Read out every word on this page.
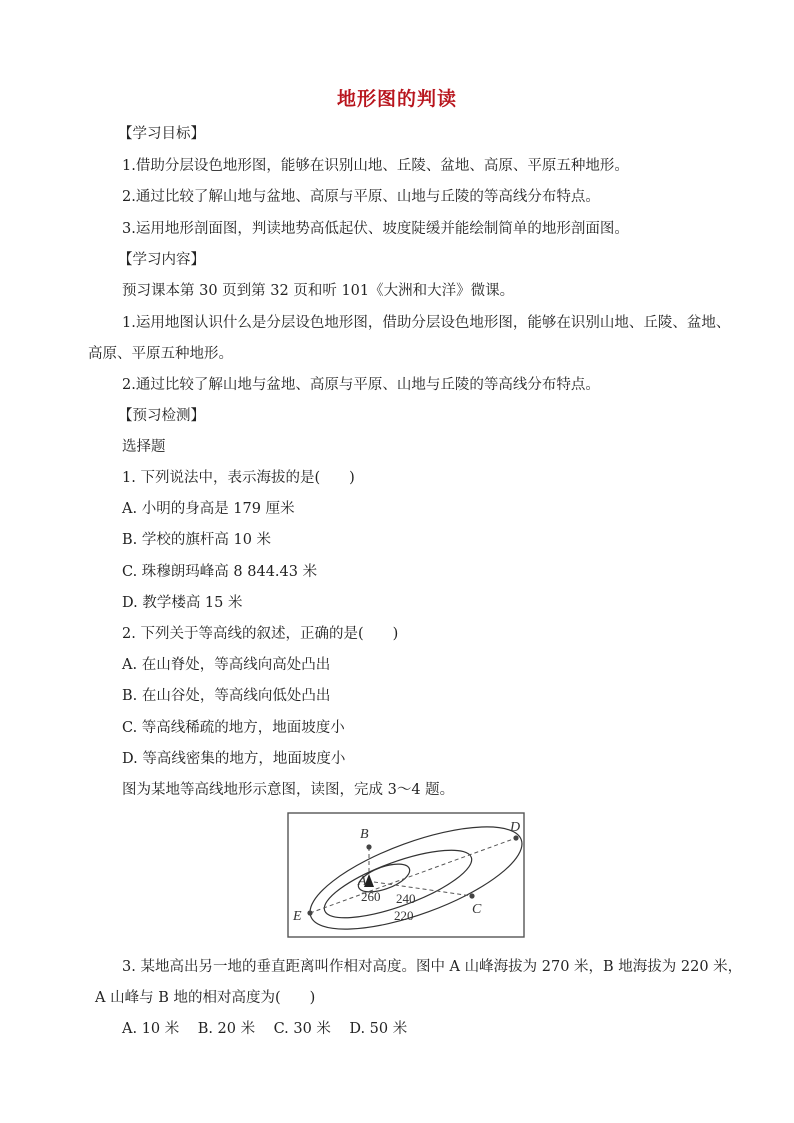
地形图的判读
【学习目标】
1.借助分层设色地形图，能够在识别山地、丘陵、盆地、高原、平原五种地形。
2.通过比较了解山地与盆地、高原与平原、山地与丘陵的等高线分布特点。
3.运用地形剖面图，判读地势高低起伏、坡度陡缓并能绘制简单的地形剖面图。
【学习内容】
预习课本第 30 页到第 32 页和听 101《大洲和大洋》微课。
1.运用地图认识什么是分层设色地形图，借助分层设色地形图，能够在识别山地、丘陵、盆地、
高原、平原五种地形。
2.通过比较了解山地与盆地、高原与平原、山地与丘陵的等高线分布特点。
【预习检测】
选择题
1. 下列说法中，表示海拔的是(　　)
A. 小明的身高是 179 厘米
B. 学校的旗杆高 10 米
C. 珠穆朗玛峰高 8 844.43 米
D. 教学楼高 15 米
2. 下列关于等高线的叙述，正确的是(　　)
A. 在山脊处，等高线向高处凸出
B. 在山谷处，等高线向低处凸出
C. 等高线稀疏的地方，地面坡度小
D. 等高线密集的地方，地面坡度小
图为某地等高线地形示意图，读图，完成 3～4 题。
B	D
A
C
E
260 240
220
3. 某地高出另一地的垂直距离叫作相对高度。图中 A 山峰海拔为 270 米，B 地海拔为 220 米，
A 山峰与 B 地的相对高度为(　　)
A. 10 米 B. 20 米 C. 30 米 D. 50 米
